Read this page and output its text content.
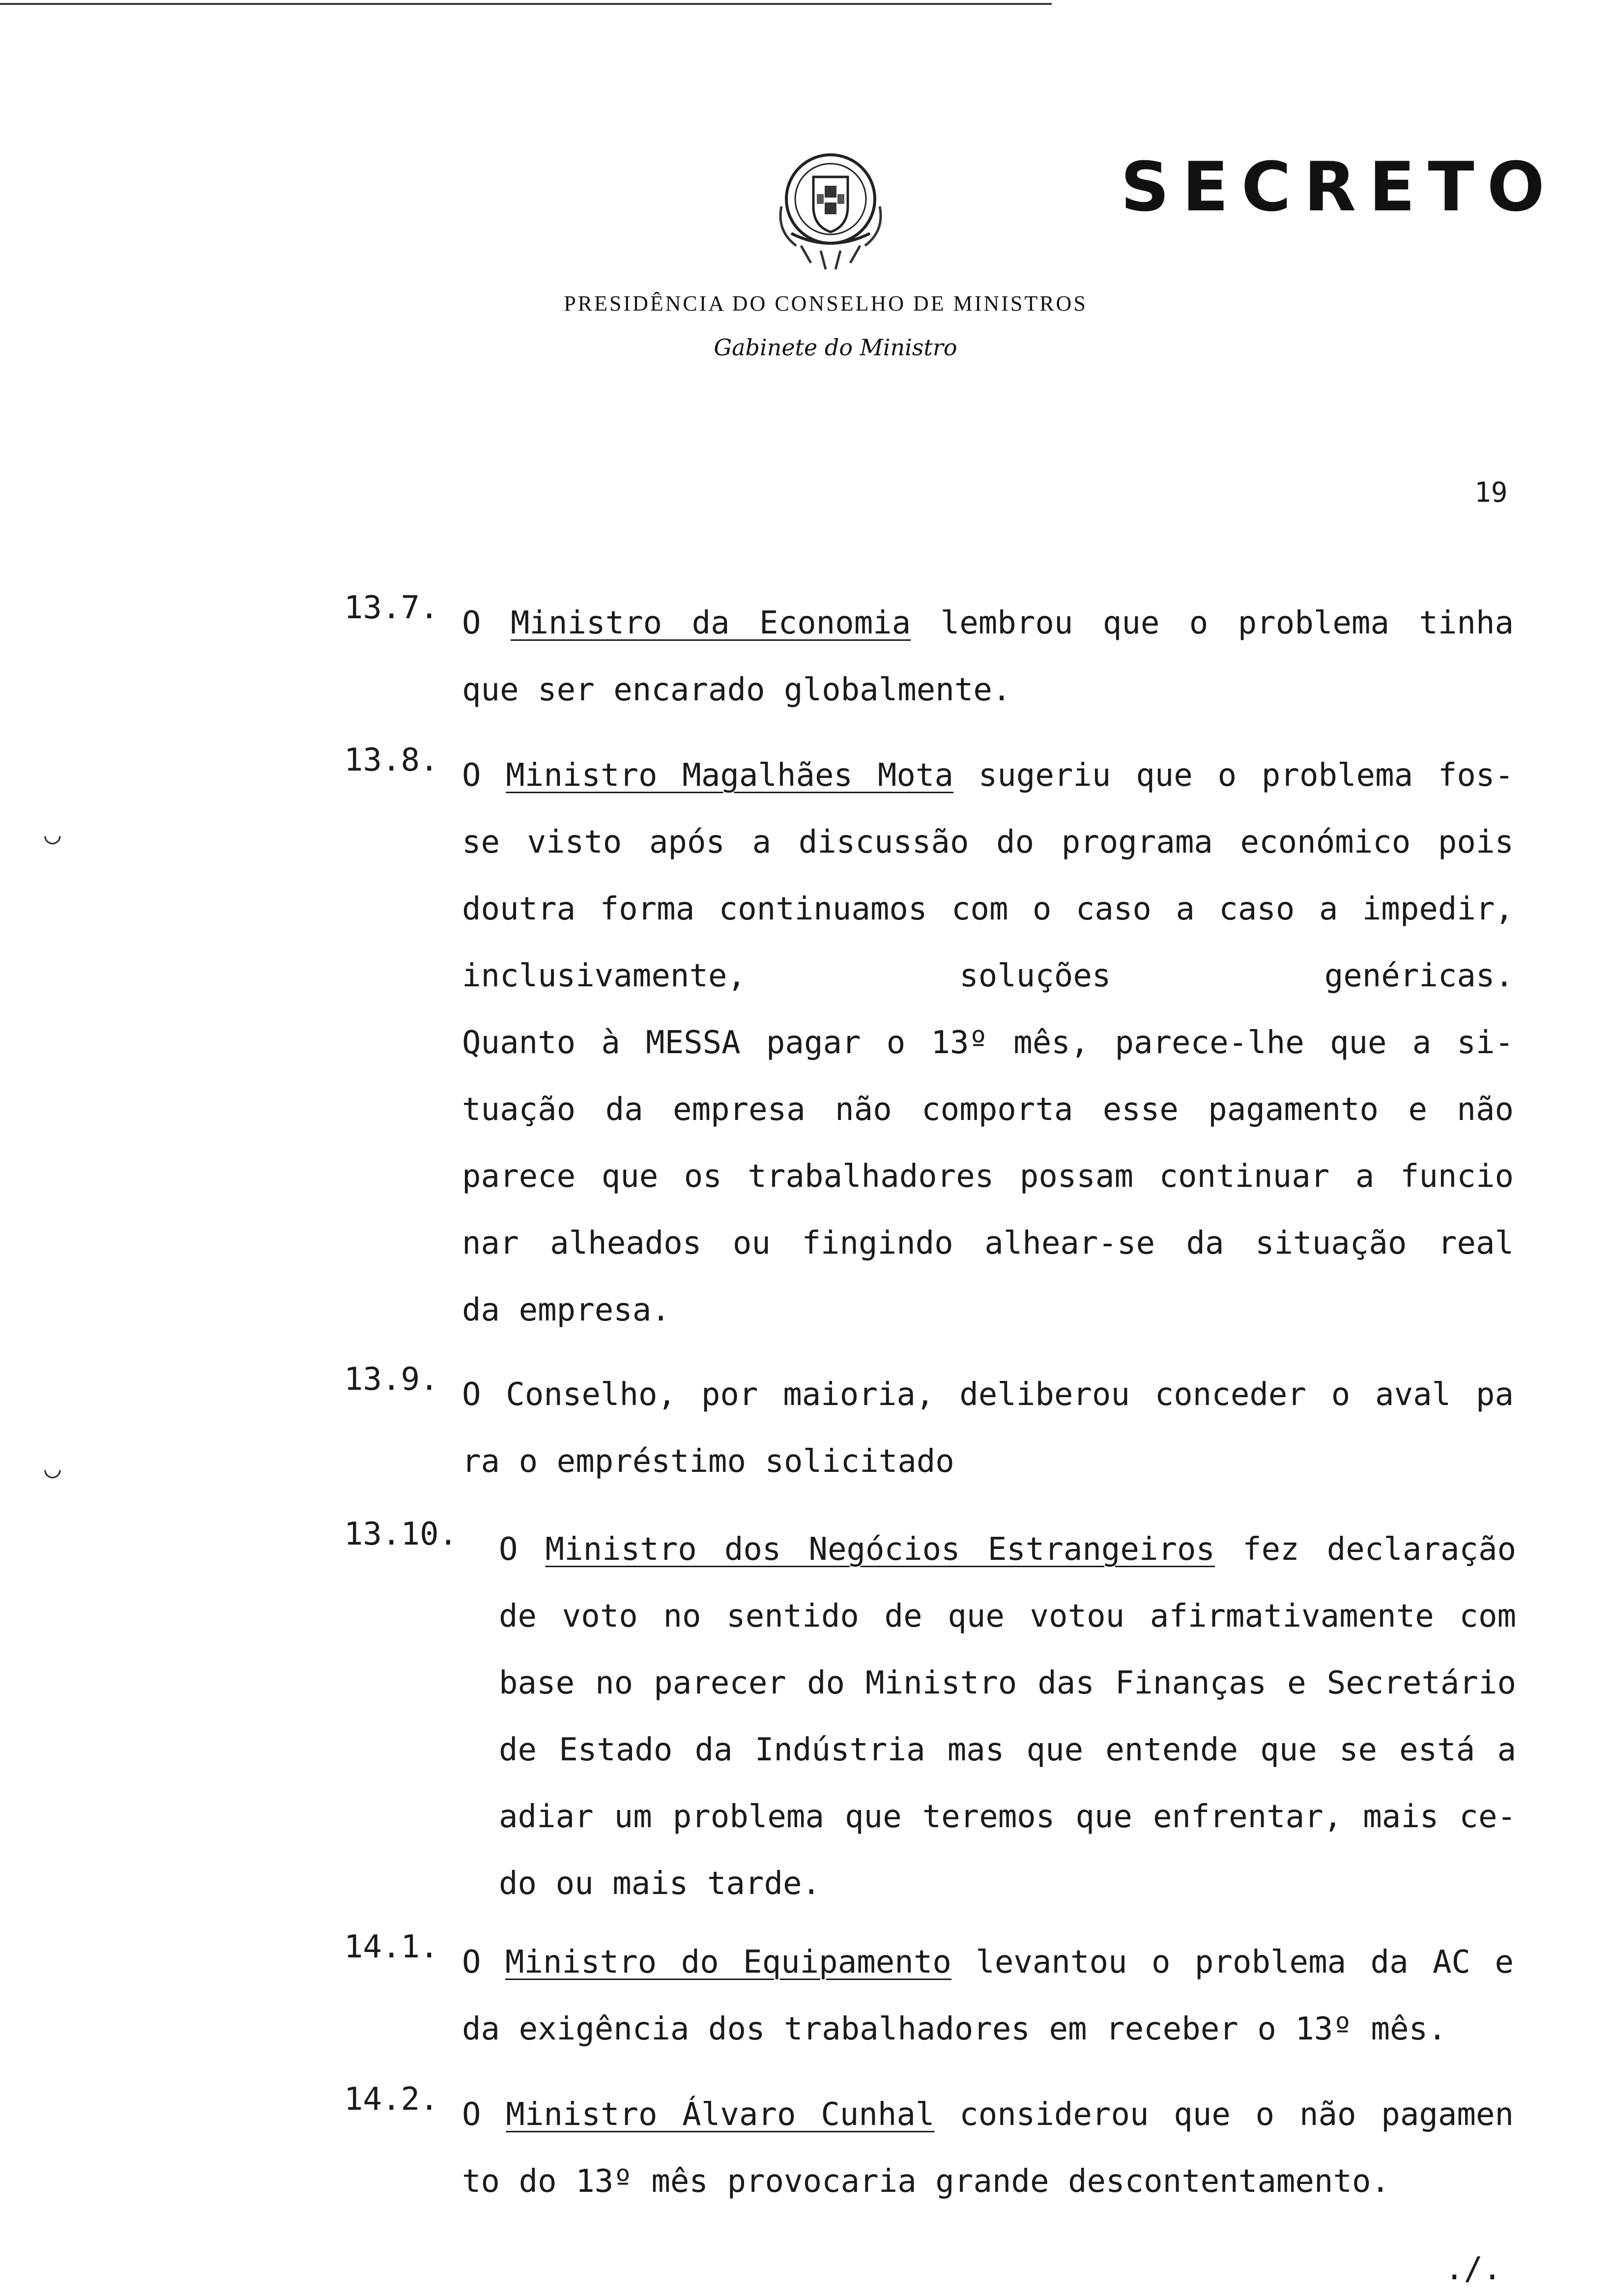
SECRETO
PRESIDÊNCIA DO CONSELHO DE MINISTROS
Gabinete do Ministro
19
13.7. O Ministro da Economia lembrou que o problema tinha
que ser encarado globalmente.
13.8. O Ministro Magalhães Mota sugeriu que o problema fos-
se visto após a discussão do programa económico pois
doutra forma continuamos com o caso a caso a impedir,
inclusivamente, soluções genéricas.
Quanto à MESSA pagar o 13º mês, parece-lhe que a si-
tuação da empresa não comporta esse pagamento e não
parece que os trabalhadores possam continuar a funcio
nar alheados ou fingindo alhear-se da situação real
da empresa.
13.9. O Conselho, por maioria, deliberou conceder o aval pa
ra o empréstimo solicitado
13.10. O Ministro dos Negócios Estrangeiros fez declaração
de voto no sentido de que votou afirmativamente com
base no parecer do Ministro das Finanças e Secretário
de Estado da Indústria mas que entende que se está a
adiar um problema que teremos que enfrentar, mais ce-
do ou mais tarde.
14.1. O Ministro do Equipamento levantou o problema da AC e
da exigência dos trabalhadores em receber o 13º mês.
14.2. O Ministro Álvaro Cunhal considerou que o não pagamen
to do 13º mês provocaria grande descontentamento.
./.
◡
◡
